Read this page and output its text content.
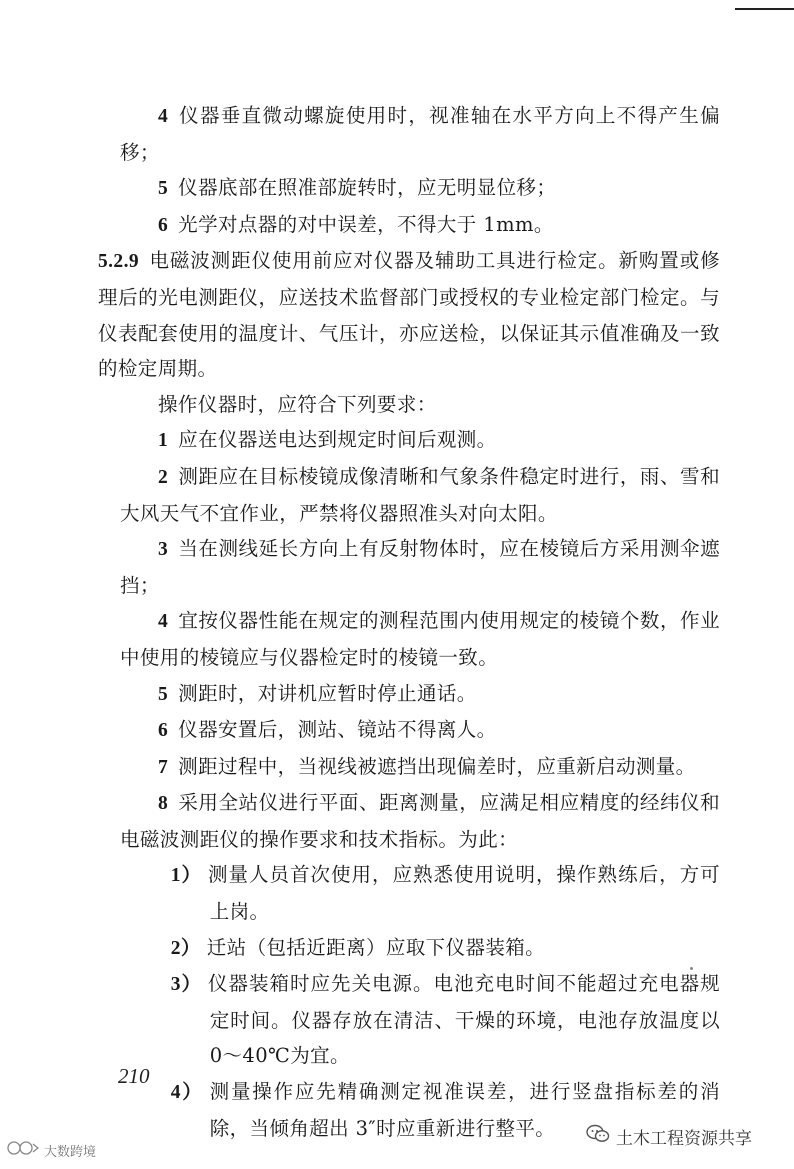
4 仪器垂直微动螺旋使用时，视准轴在水平方向上不得产生偏移；

5 仪器底部在照准部旋转时，应无明显位移；

6 光学对点器的对中误差，不得大于 1mm。

5.2.9 电磁波测距仪使用前应对仪器及辅助工具进行检定。新购置或修理后的光电测距仪，应送技术监督部门或授权的专业检定部门检定。与仪表配套使用的温度计、气压计，亦应送检，以保证其示值准确及一致的检定周期。

操作仪器时，应符合下列要求：

1 应在仪器送电达到规定时间后观测。

2 测距应在目标棱镜成像清晰和气象条件稳定时进行，雨、雪和大风天气不宜作业，严禁将仪器照准头对向太阳。

3 当在测线延长方向上有反射物体时，应在棱镜后方采用测伞遮挡；

4 宜按仪器性能在规定的测程范围内使用规定的棱镜个数，作业中使用的棱镜应与仪器检定时的棱镜一致。

5 测距时，对讲机应暂时停止通话。

6 仪器安置后，测站、镜站不得离人。

7 测距过程中，当视线被遮挡出现偏差时，应重新启动测量。

8 采用全站仪进行平面、距离测量，应满足相应精度的经纬仪和电磁波测距仪的操作要求和技术指标。为此：

1） 测量人员首次使用，应熟悉使用说明，操作熟练后，方可上岗。

2） 迁站（包括近距离）应取下仪器装箱。

3） 仪器装箱时应先关电源。电池充电时间不能超过充电器规定时间。仪器存放在清洁、干燥的环境，电池存放温度以 0～40℃为宜。

4） 测量操作应先精确测定视准误差，进行竖盘指标差的消除，当倾角超出 3″时应重新进行整平。

210
土木工程资源共享
大数跨境
